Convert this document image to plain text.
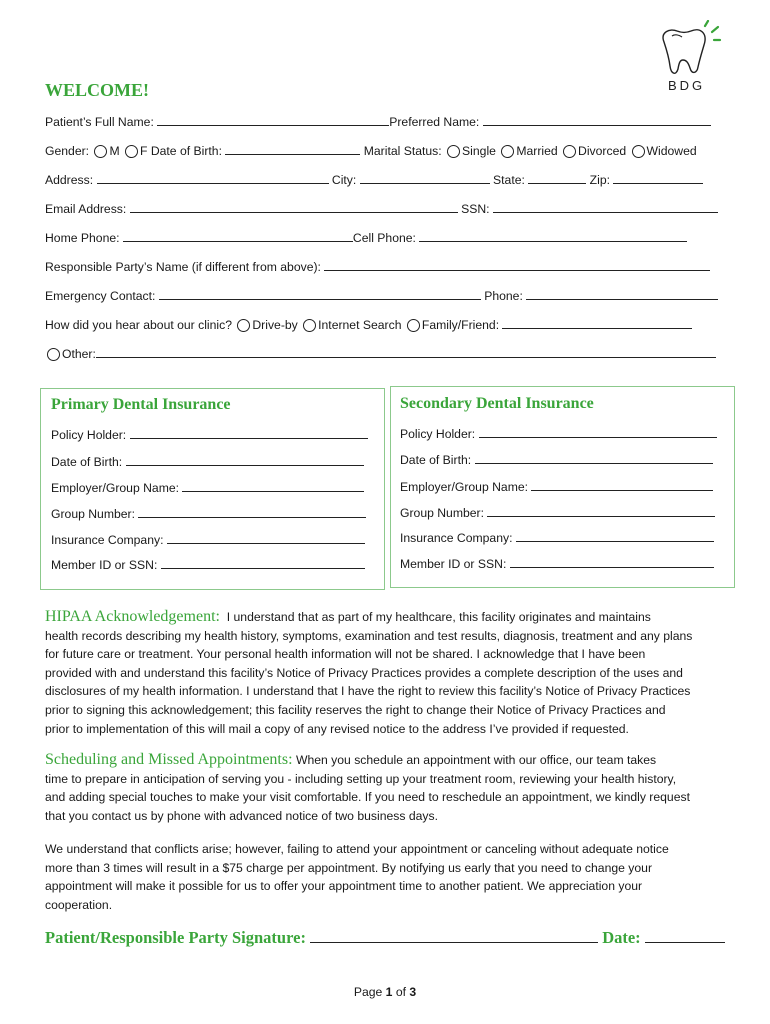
BDG
WELCOME!
Patient’s Full Name:	Preferred Name:
Gender: M F Date of Birth:	Marital Status: Single Married Divorced Widowed
Address:	City:	State:	Zip:
Email Address:	SSN:
Home Phone:	Cell Phone:
Responsible Party’s Name (if different from above):
Emergency Contact:	Phone:
How did you hear about our clinic? Drive-by Internet Search Family/Friend:
Other:
Primary Dental Insurance
Policy Holder:
Date of Birth:
Employer/Group Name:
Group Number:
Insurance Company:
Member ID or SSN:
Secondary Dental Insurance
Policy Holder:
Date of Birth:
Employer/Group Name:
Group Number:
Insurance Company:
Member ID or SSN:
HIPAA Acknowledgement: I understand that as part of my healthcare, this facility originates and maintains
health records describing my health history, symptoms, examination and test results, diagnosis, treatment and any plans
for future care or treatment. Your personal health information will not be shared. I acknowledge that I have been
provided with and understand this facility’s Notice of Privacy Practices provides a complete description of the uses and
disclosures of my health information. I understand that I have the right to review this facility’s Notice of Privacy Practices
prior to signing this acknowledgement; this facility reserves the right to change their Notice of Privacy Practices and
prior to implementation of this will mail a copy of any revised notice to the address I’ve provided if requested.
Scheduling and Missed Appointments: When you schedule an appointment with our office, our team takes
time to prepare in anticipation of serving you - including setting up your treatment room, reviewing your health history,
and adding special touches to make your visit comfortable. If you need to reschedule an appointment, we kindly request
that you contact us by phone with advanced notice of two business days.
We understand that conflicts arise; however, failing to attend your appointment or canceling without adequate notice
more than 3 times will result in a $75 charge per appointment. By notifying us early that you need to change your
appointment will make it possible for us to offer your appointment time to another patient. We appreciation your
cooperation.
Patient/Responsible Party Signature:	Date:
Page 1 of 3
